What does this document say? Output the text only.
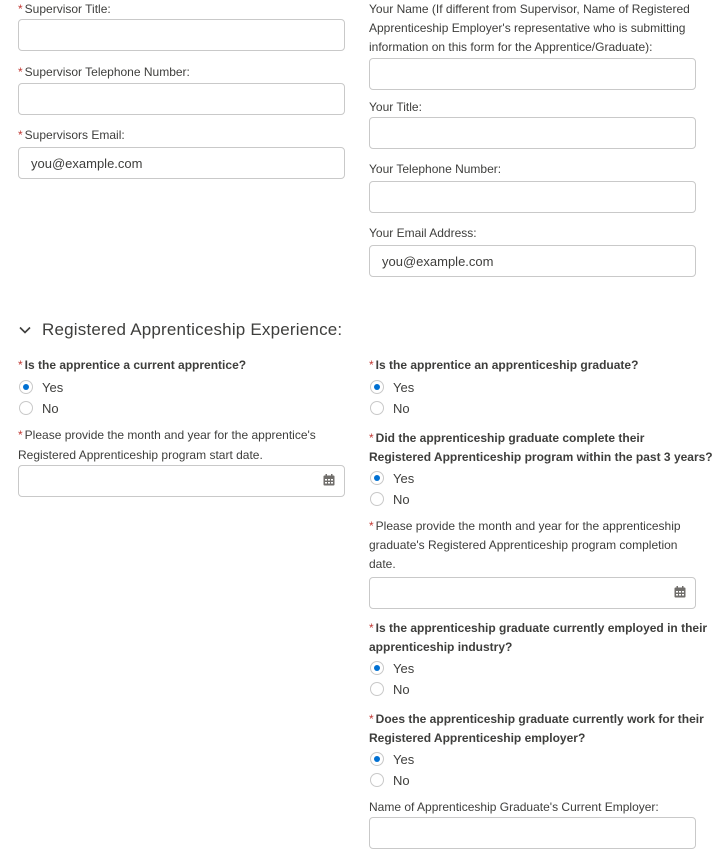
* Supervisor Title:
* Supervisor Telephone Number:
* Supervisors Email:
you@example.com
Your Name (If different from Supervisor, Name of Registered
Apprenticeship Employer's representative who is submitting
information on this form for the Apprentice/Graduate):
Your Title:
Your Telephone Number:
Your Email Address:
you@example.com
Registered Apprenticeship Experience:
* Is the apprentice a current apprentice?
Yes
No
* Please provide the month and year for the apprentice's
Registered Apprenticeship program start date.
* Is the apprentice an apprenticeship graduate?
Yes
No
* Did the apprenticeship graduate complete their
Registered Apprenticeship program within the past 3 years?
Yes
No
* Please provide the month and year for the apprenticeship
graduate's Registered Apprenticeship program completion
date.
* Is the apprenticeship graduate currently employed in their
apprenticeship industry?
Yes
No
* Does the apprenticeship graduate currently work for their
Registered Apprenticeship employer?
Yes
No
Name of Apprenticeship Graduate's Current Employer:
